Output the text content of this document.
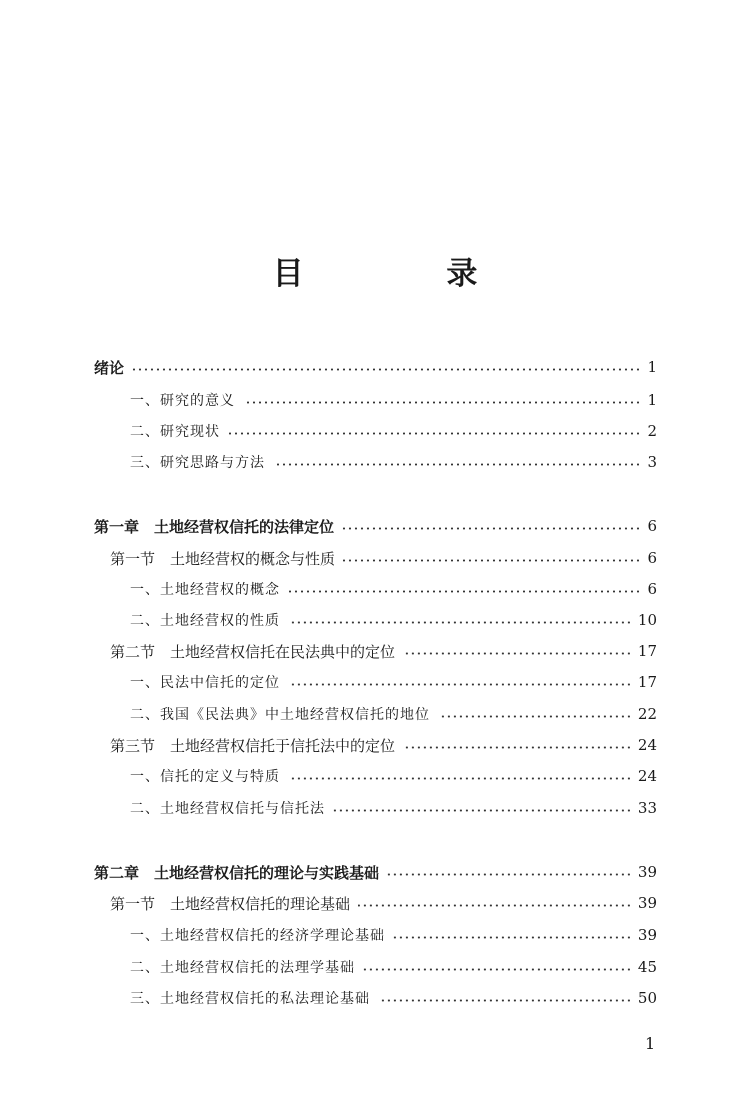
目 录
绪论	1
一、研究的意义	1
二、研究现状	2
三、研究思路与方法	3
第一章　土地经营权信托的法律定位	6
第一节　土地经营权的概念与性质	6
一、土地经营权的概念	6
二、土地经营权的性质	10
第二节　土地经营权信托在民法典中的定位	17
一、民法中信托的定位	17
二、我国《民法典》中土地经营权信托的地位	22
第三节　土地经营权信托于信托法中的定位	24
一、信托的定义与特质	24
二、土地经营权信托与信托法	33
第二章　土地经营权信托的理论与实践基础	39
第一节　土地经营权信托的理论基础	39
一、土地经营权信托的经济学理论基础	39
二、土地经营权信托的法理学基础	45
三、土地经营权信托的私法理论基础	50
1
